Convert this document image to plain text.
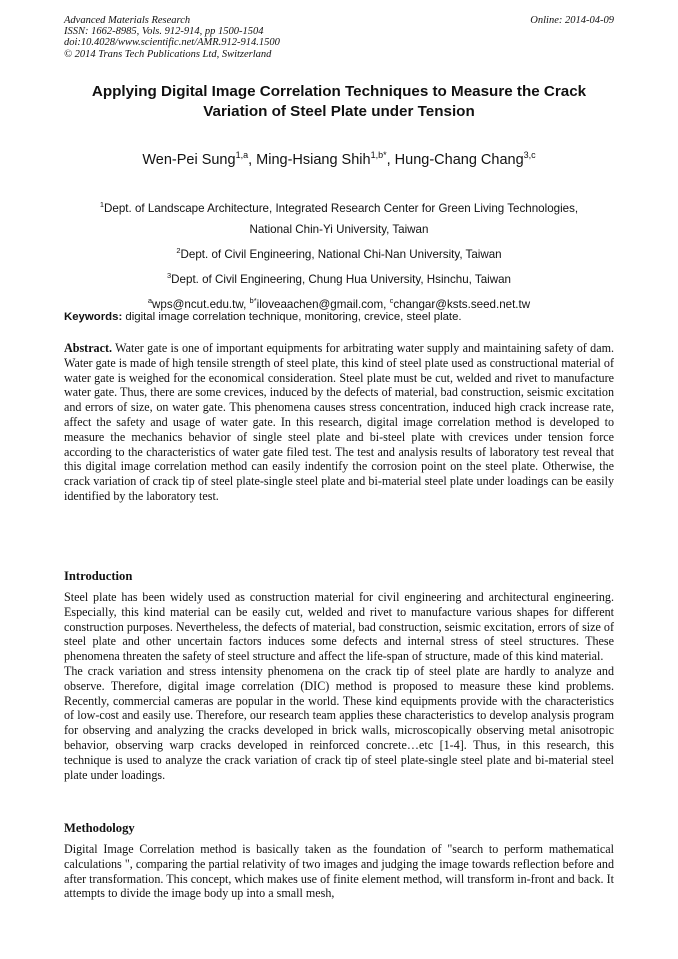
Advanced Materials Research
ISSN: 1662-8985, Vols. 912-914, pp 1500-1504
doi:10.4028/www.scientific.net/AMR.912-914.1500
© 2014 Trans Tech Publications Ltd, Switzerland
Online: 2014-04-09
Applying Digital Image Correlation Techniques to Measure the Crack
Variation of Steel Plate under Tension
Wen-Pei Sung$^{1,a}$, Ming-Hsiang Shih$^{1,b*}$, Hung-Chang Chang$^{3,c}$
$^1$Dept. of Landscape Architecture, Integrated Research Center for Green Living Technologies,
National Chin-Yi University, Taiwan
$^2$Dept. of Civil Engineering, National Chi-Nan University, Taiwan
$^3$Dept. of Civil Engineering, Chung Hua University, Hsinchu, Taiwan
$^a$wps@ncut.edu.tw, $^{b*}$iloveaachen@gmail.com, $^c$changar@ksts.seed.net.tw
Keywords: digital image correlation technique, monitoring, crevice, steel plate.

Abstract. Water gate is one of important equipments for arbitrating water supply and maintaining safety of dam. Water gate is made of high tensile strength of steel plate, this kind of steel plate used as constructional material of water gate is weighed for the economical consideration. Steel plate must be cut, welded and rivet to manufacture water gate. Thus, there are some crevices, induced by the defects of material, bad construction, seismic excitation and errors of size, on water gate. This phenomena causes stress concentration, induced high crack increase rate, affect the safety and usage of water gate. In this research, digital image correlation method is developed to measure the mechanics behavior of single steel plate and bi-steel plate with crevices under tension force according to the characteristics of water gate filed test. The test and analysis results of laboratory test reveal that this digital image correlation method can easily indentify the corrosion point on the steel plate. Otherwise, the crack variation of crack tip of steel plate-single steel plate and bi-material steel plate under loadings can be easily identified by the laboratory test.

Introduction

Steel plate has been widely used as construction material for civil engineering and architectural engineering. Especially, this kind material can be easily cut, welded and rivet to manufacture various shapes for different construction purposes. Nevertheless, the defects of material, bad construction, seismic excitation, errors of size of steel plate and other uncertain factors induces some defects and internal stress of steel structures. These phenomena threaten the safety of steel structure and affect the life-span of structure, made of this kind material.

The crack variation and stress intensity phenomena on the crack tip of steel plate are hardly to analyze and observe. Therefore, digital image correlation (DIC) method is proposed to measure these kind problems. Recently, commercial cameras are popular in the world. These kind equipments provide with the characteristics of low-cost and easily use. Therefore, our research team applies these characteristics to develop analysis program for observing and analyzing the cracks developed in brick walls, microscopically observing metal anisotropic behavior, observing warp cracks developed in reinforced concrete…etc [1-4]. Thus, in this research, this technique is used to analyze the crack variation of crack tip of steel plate-single steel plate and bi-material steel plate under loadings.

Methodology

Digital Image Correlation method is basically taken as the foundation of "search to perform mathematical calculations ", comparing the partial relativity of two images and judging the image towards reflection before and after transformation. This concept, which makes use of finite element method, will transform in-front and back. It attempts to divide the image body up into a small mesh,
